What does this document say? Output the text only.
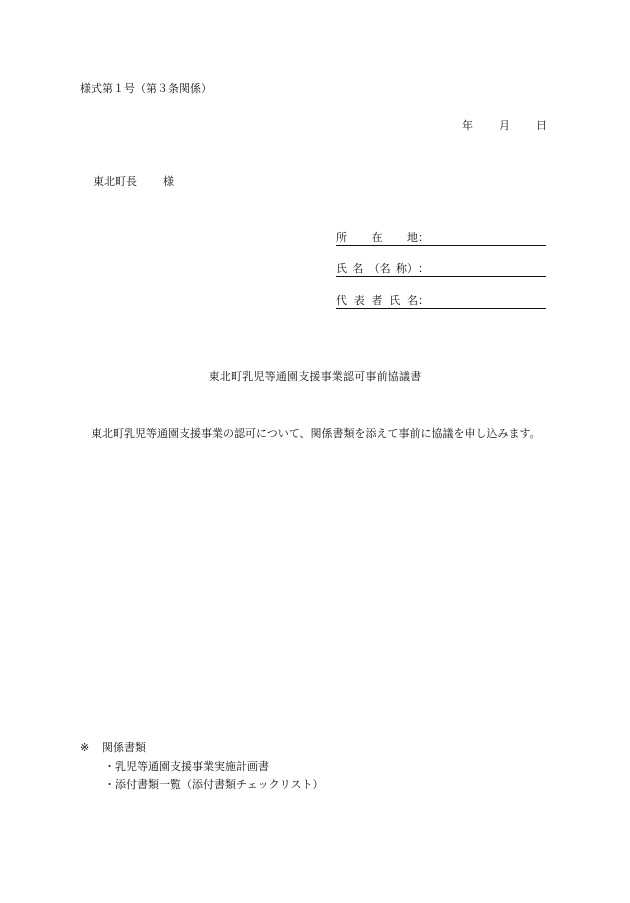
様式第１号（第３条関係）
年	月	日
東北町長 様
所 在 地 ：
氏 名 （名 称） ：
代 表 者 氏 名 ：
東北町乳児等通園支援事業認可事前協議書
東北町乳児等通園支援事業の認可について、関係書類を添えて事前に協議を申し込みます。
※	関係書類
・乳児等通園支援事業実施計画書
・添付書類一覧（添付書類チェックリスト）
